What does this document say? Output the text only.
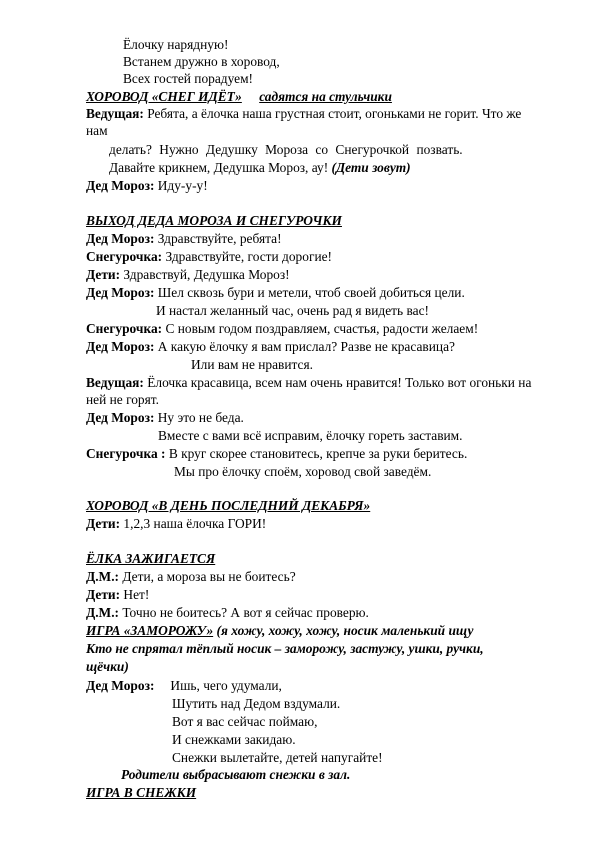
Ёлочку нарядную!
Встанем дружно в хоровод,
Всех гостей порадуем!
ХОРОВОД «СНЕГ ИДЁТ» садятся на стульчики
Ведущая: Ребята, а ёлочка наша грустная стоит, огоньками не горит. Что же
нам
делать? Нужно Дедушку Мороза со Снегурочкой позвать.
Давайте крикнем, Дедушка Мороз, ау! (Дети зовут)
Дед Мороз: Иду-у-у!
ВЫХОД ДЕДА МОРОЗА И СНЕГУРОЧКИ
Дед Мороз: Здравствуйте, ребята!
Снегурочка: Здравствуйте, гости дорогие!
Дети: Здравствуй, Дедушка Мороз!
Дед Мороз: Шел сквозь бури и метели, чтоб своей добиться цели.
И настал желанный час, очень рад я видеть вас!
Снегурочка: С новым годом поздравляем, счастья, радости желаем!
Дед Мороз: А какую ёлочку я вам прислал? Разве не красавица?
Или вам не нравится.
Ведущая: Ёлочка красавица, всем нам очень нравится! Только вот огоньки на
ней не горят.
Дед Мороз: Ну это не беда.
Вместе с вами всё исправим, ёлочку гореть заставим.
Снегурочка : В круг скорее становитесь, крепче за руки беритесь.
Мы про ёлочку споём, хоровод свой заведём.
ХОРОВОД «В ДЕНЬ ПОСЛЕДНИЙ ДЕКАБРЯ»
Дети: 1,2,3 наша ёлочка ГОРИ!
ЁЛКА ЗАЖИГАЕТСЯ
Д.М.: Дети, а мороза вы не боитесь?
Дети: Нет!
Д.М.: Точно не боитесь? А вот я сейчас проверю.
ИГРА «ЗАМОРОЖУ» (я хожу, хожу, хожу, носик маленький ищу
Кто не спрятал тёплый носик – заморожу, застужу, ушки, ручки,
щёчки)
Дед Мороз: Ишь, чего удумали,
Шутить над Дедом вздумали.
Вот я вас сейчас поймаю,
И снежками закидаю.
Снежки вылетайте, детей напугайте!
Родители выбрасывают снежки в зал.
ИГРА В СНЕЖКИ
